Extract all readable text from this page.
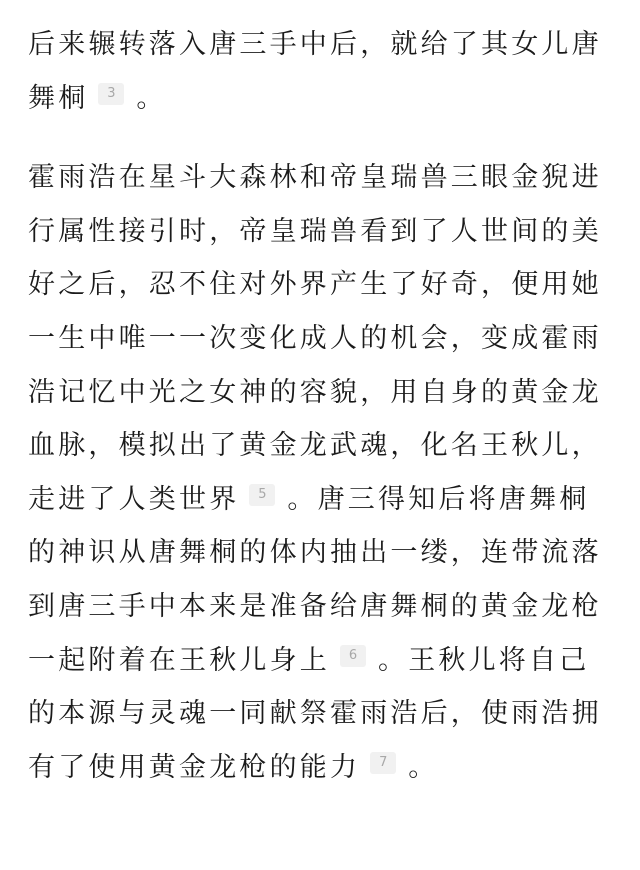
后来辗转落入唐三手中后，就给了其女儿唐舞桐 3 。

霍雨浩在星斗大森林和帝皇瑞兽三眼金猊进行属性接引时，帝皇瑞兽看到了人世间的美好之后，忍不住对外界产生了好奇，便用她一生中唯一一次变化成人的机会，变成霍雨浩记忆中光之女神的容貌，用自身的黄金龙血脉，模拟出了黄金龙武魂，化名王秋儿，走进了人类世界 5 。唐三得知后将唐舞桐的神识从唐舞桐的体内抽出一缕，连带流落到唐三手中本来是准备给唐舞桐的黄金龙枪一起附着在王秋儿身上 6 。王秋儿将自己的本源与灵魂一同献祭霍雨浩后，使雨浩拥有了使用黄金龙枪的能力 7 。
